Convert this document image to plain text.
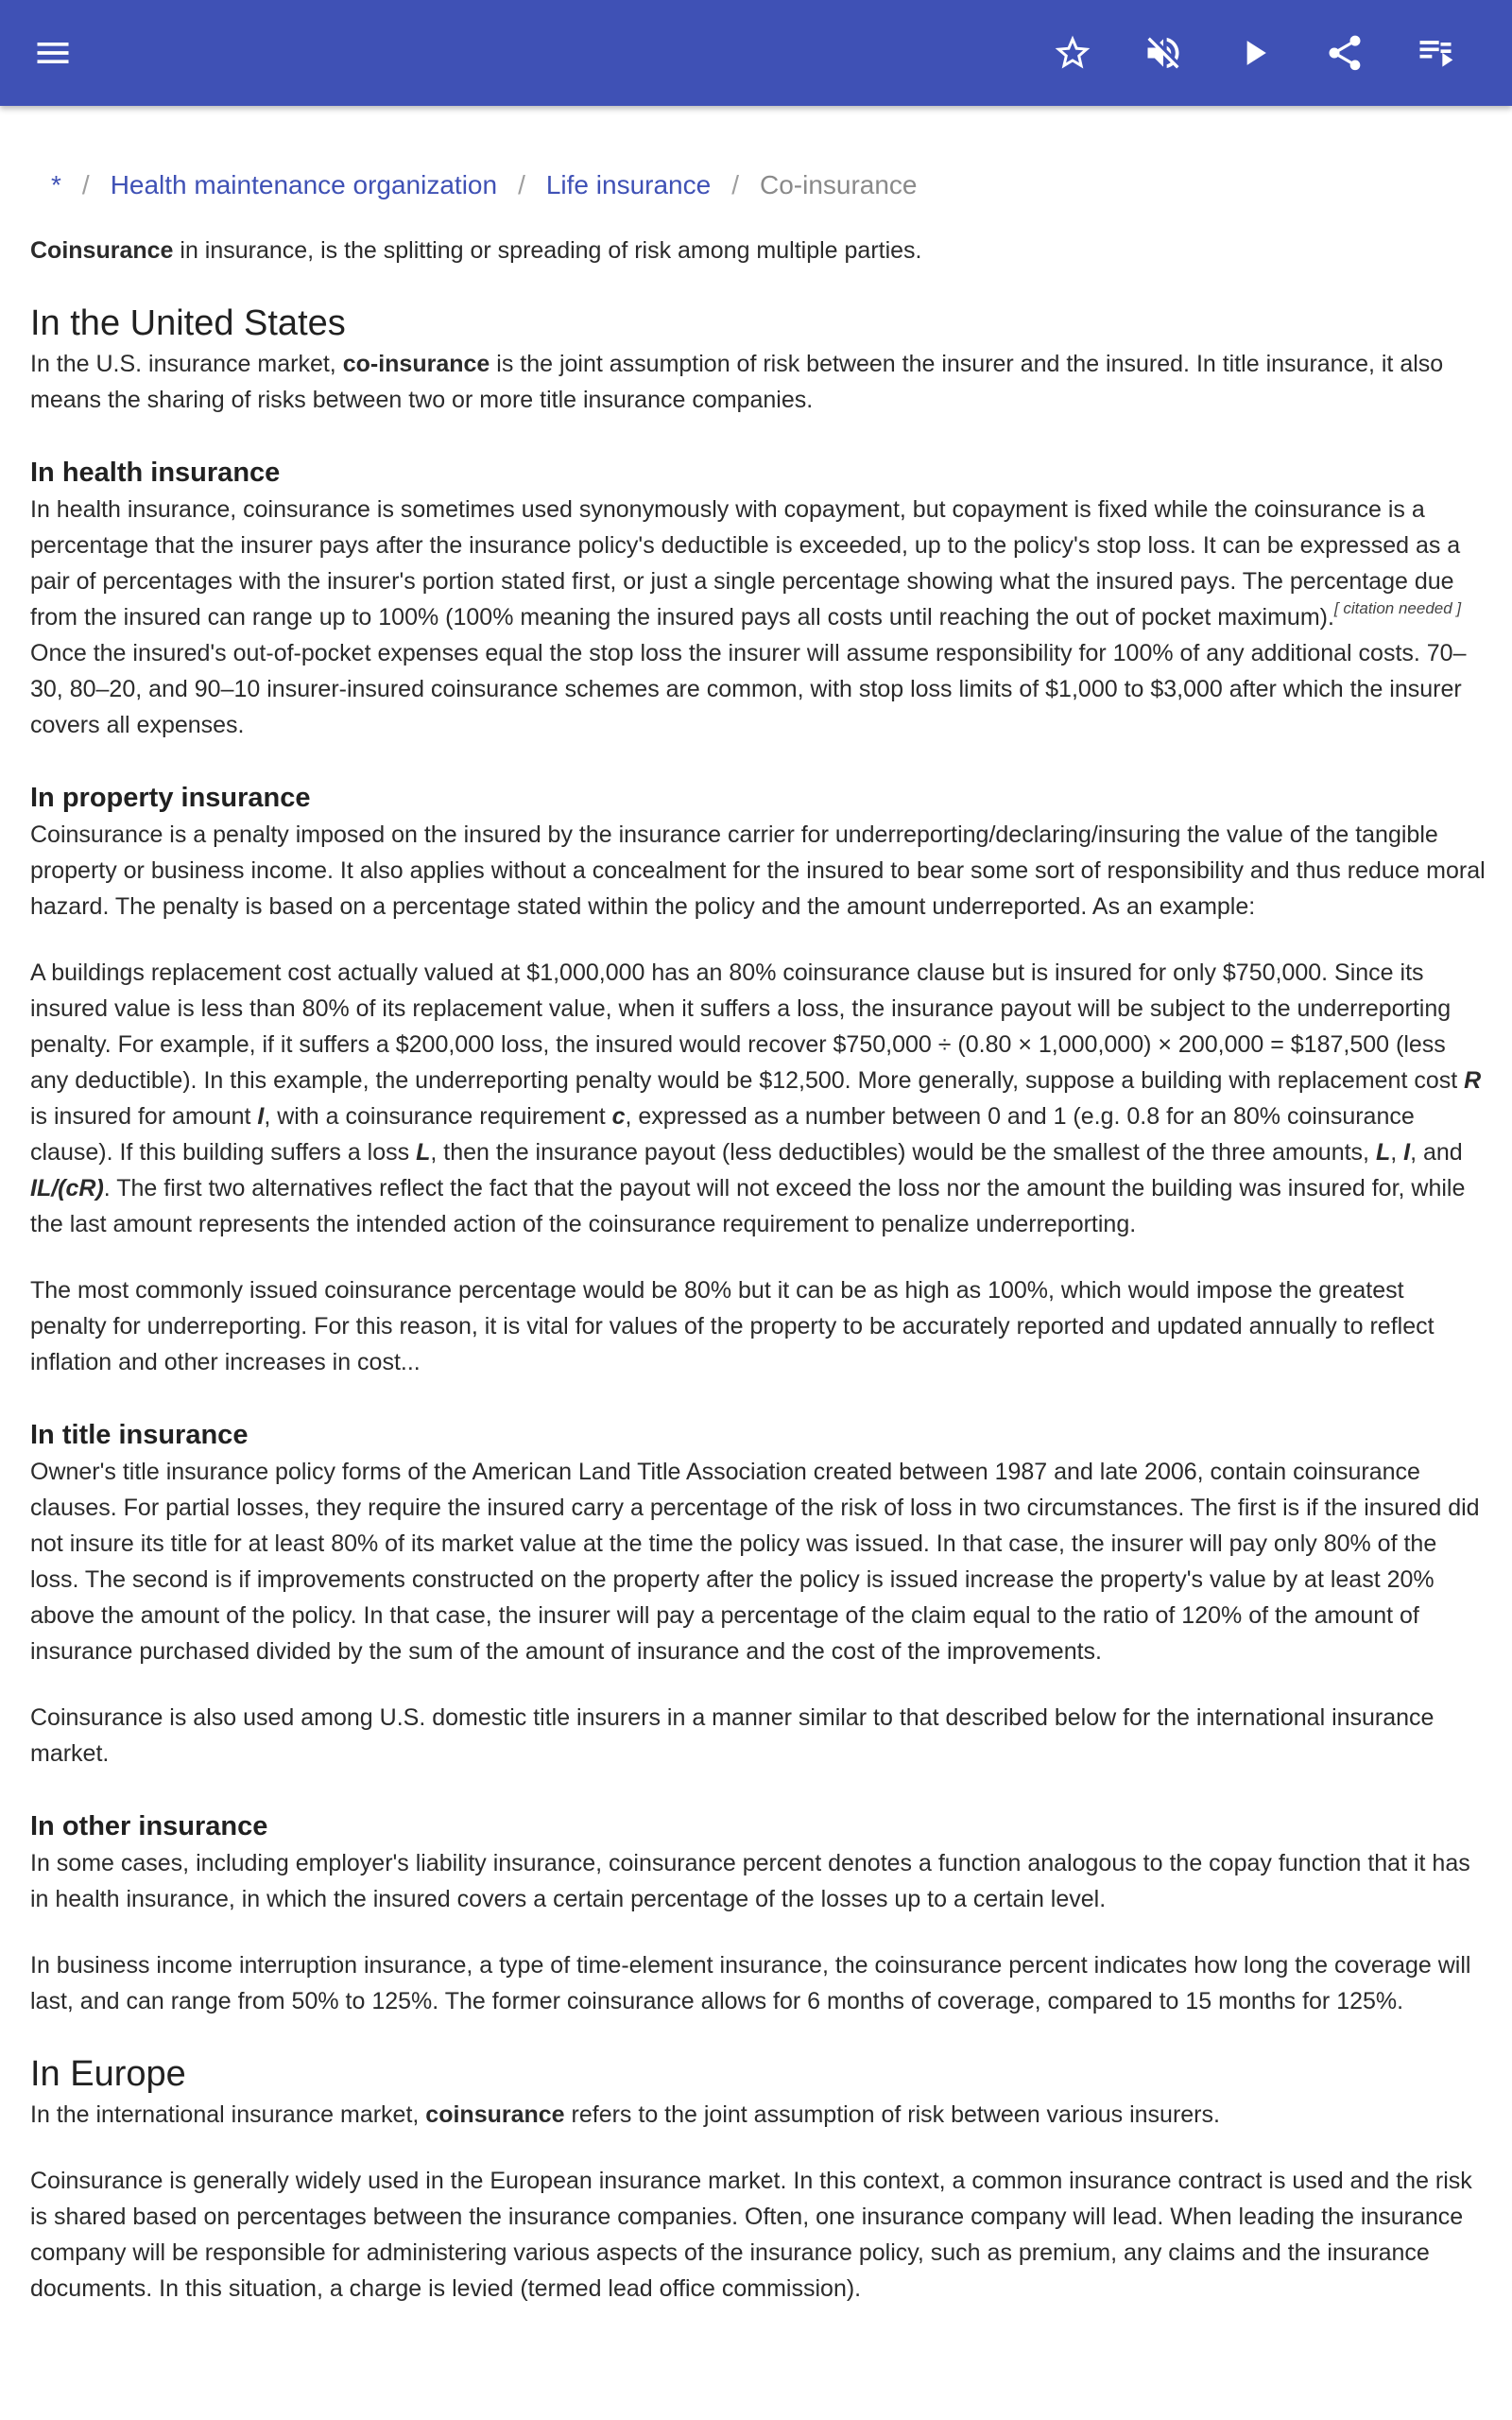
* / Health maintenance organization / Life insurance / Co-insurance

Coinsurance in insurance, is the splitting or spreading of risk among multiple parties.

In the United States

In the U.S. insurance market, co-insurance is the joint assumption of risk between the insurer and the insured. In title insurance, it also means the sharing of risks between two or more title insurance companies.

In health insurance

In health insurance, coinsurance is sometimes used synonymously with copayment, but copayment is fixed while the coinsurance is a percentage that the insurer pays after the insurance policy's deductible is exceeded, up to the policy's stop loss. It can be expressed as a pair of percentages with the insurer's portion stated first, or just a single percentage showing what the insured pays. The percentage due from the insured can range up to 100% (100% meaning the insured pays all costs until reaching the out of pocket maximum).[ citation needed ] Once the insured's out-of-pocket expenses equal the stop loss the insurer will assume responsibility for 100% of any additional costs. 70–30, 80–20, and 90–10 insurer-insured coinsurance schemes are common, with stop loss limits of $1,000 to $3,000 after which the insurer covers all expenses.

In property insurance

Coinsurance is a penalty imposed on the insured by the insurance carrier for underreporting/declaring/insuring the value of the tangible property or business income. It also applies without a concealment for the insured to bear some sort of responsibility and thus reduce moral hazard. The penalty is based on a percentage stated within the policy and the amount underreported. As an example:

A buildings replacement cost actually valued at $1,000,000 has an 80% coinsurance clause but is insured for only $750,000. Since its insured value is less than 80% of its replacement value, when it suffers a loss, the insurance payout will be subject to the underreporting penalty. For example, if it suffers a $200,000 loss, the insured would recover $750,000 ÷ (0.80 × 1,000,000) × 200,000 = $187,500 (less any deductible). In this example, the underreporting penalty would be $12,500. More generally, suppose a building with replacement cost R is insured for amount I, with a coinsurance requirement c, expressed as a number between 0 and 1 (e.g. 0.8 for an 80% coinsurance clause). If this building suffers a loss L, then the insurance payout (less deductibles) would be the smallest of the three amounts, L, I, and IL/(cR). The first two alternatives reflect the fact that the payout will not exceed the loss nor the amount the building was insured for, while the last amount represents the intended action of the coinsurance requirement to penalize underreporting.

The most commonly issued coinsurance percentage would be 80% but it can be as high as 100%, which would impose the greatest penalty for underreporting. For this reason, it is vital for values of the property to be accurately reported and updated annually to reflect inflation and other increases in cost...

In title insurance

Owner's title insurance policy forms of the American Land Title Association created between 1987 and late 2006, contain coinsurance clauses. For partial losses, they require the insured carry a percentage of the risk of loss in two circumstances. The first is if the insured did not insure its title for at least 80% of its market value at the time the policy was issued. In that case, the insurer will pay only 80% of the loss. The second is if improvements constructed on the property after the policy is issued increase the property's value by at least 20% above the amount of the policy. In that case, the insurer will pay a percentage of the claim equal to the ratio of 120% of the amount of insurance purchased divided by the sum of the amount of insurance and the cost of the improvements.

Coinsurance is also used among U.S. domestic title insurers in a manner similar to that described below for the international insurance market.

In other insurance

In some cases, including employer's liability insurance, coinsurance percent denotes a function analogous to the copay function that it has in health insurance, in which the insured covers a certain percentage of the losses up to a certain level.

In business income interruption insurance, a type of time-element insurance, the coinsurance percent indicates how long the coverage will last, and can range from 50% to 125%. The former coinsurance allows for 6 months of coverage, compared to 15 months for 125%.

In Europe

In the international insurance market, coinsurance refers to the joint assumption of risk between various insurers.

Coinsurance is generally widely used in the European insurance market. In this context, a common insurance contract is used and the risk is shared based on percentages between the insurance companies. Often, one insurance company will lead. When leading the insurance company will be responsible for administering various aspects of the insurance policy, such as premium, any claims and the insurance documents. In this situation, a charge is levied (termed lead office commission).
